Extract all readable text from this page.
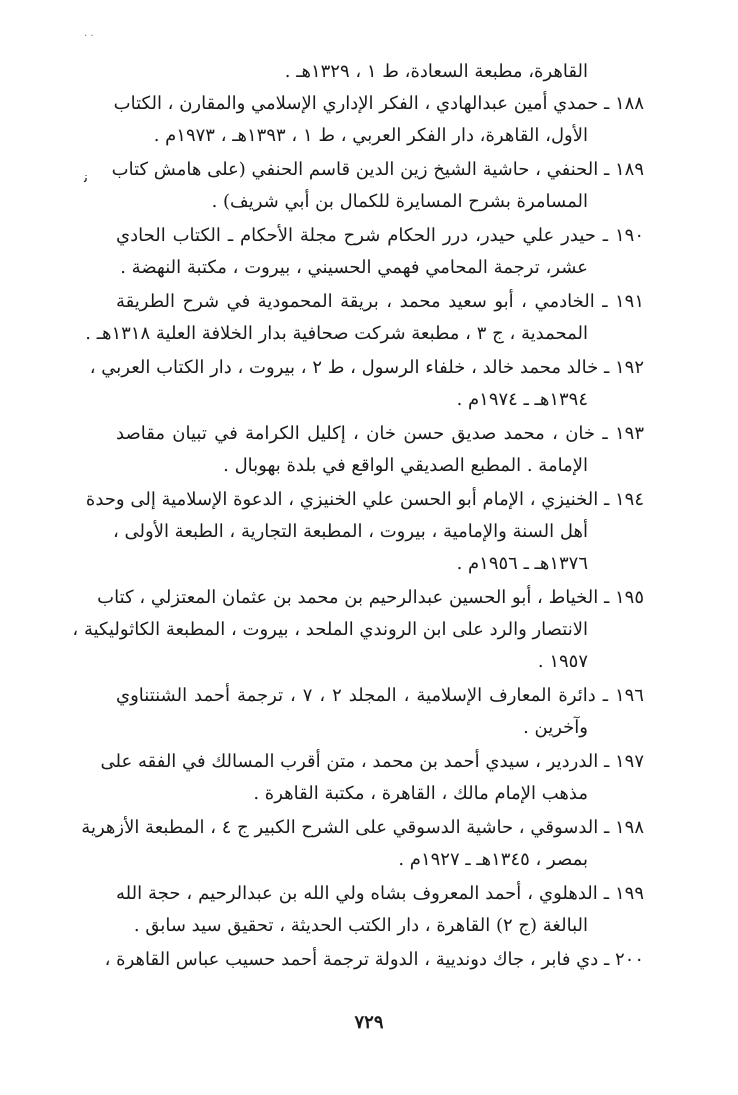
. .
ﻧ
القاهرة، مطبعة السعادة، ط ١ ، ١٣٢٩هـ .
١٨٨ ـ حمدي أمين عبدالهادي ، الفكر الإداري الإسلامي والمقارن ، الكتاب
الأول، القاهرة، دار الفكر العربي ، ط ١ ، ١٣٩٣هـ ، ١٩٧٣م .
١٨٩ ـ الحنفي ، حاشية الشيخ زين الدين قاسم الحنفي (على هامش كتاب
المسامرة بشرح المسايرة للكمال بن أبي شريف) .
١٩٠ ـ حيدر علي حيدر، درر الحكام شرح مجلة الأحكام ـ الكتاب الحادي
عشر، ترجمة المحامي فهمي الحسيني ، بيروت ، مكتبة النهضة .
١٩١ ـ الخادمي ، أبو سعيد محمد ، بريقة المحمودية في شرح الطريقة
المحمدية ، ج ٣ ، مطبعة شركت صحافية بدار الخلافة العلية ١٣١٨هـ .
١٩٢ ـ خالد محمد خالد ، خلفاء الرسول ، ط ٢ ، بيروت ، دار الكتاب العربي ،
١٣٩٤هـ ـ ١٩٧٤م .
١٩٣ ـ خان ، محمد صديق حسن خان ، إكليل الكرامة في تبيان مقاصد
الإمامة . المطبع الصديقي الواقع في بلدة بهوبال .
١٩٤ ـ الخنيزي ، الإمام أبو الحسن علي الخنيزي ، الدعوة الإسلامية إلى وحدة
أهل السنة والإمامية ، بيروت ، المطبعة التجارية ، الطبعة الأولى ،
١٣٧٦هـ ـ ١٩٥٦م .
١٩٥ ـ الخياط ، أبو الحسين عبدالرحيم بن محمد بن عثمان المعتزلي ، كتاب
الانتصار والرد على ابن الروندي الملحد ، بيروت ، المطبعة الكاثوليكية ،
١٩٥٧ .
١٩٦ ـ دائرة المعارف الإسلامية ، المجلد ٢ ، ٧ ، ترجمة أحمد الشنتناوي
وآخرين .
١٩٧ ـ الدردير ، سيدي أحمد بن محمد ، متن أقرب المسالك في الفقه على
مذهب الإمام مالك ، القاهرة ، مكتبة القاهرة .
١٩٨ ـ الدسوقي ، حاشية الدسوقي على الشرح الكبير ج ٤ ، المطبعة الأزهرية
بمصر ، ١٣٤٥هـ ـ ١٩٢٧م .
١٩٩ ـ الدهلوي ، أحمد المعروف بشاه ولي الله بن عبدالرحيم ، حجة الله
البالغة (ج ٢) القاهرة ، دار الكتب الحديثة ، تحقيق سيد سابق .
٢٠٠ ـ دي فابر ، جاك دونديية ، الدولة ترجمة أحمد حسيب عباس القاهرة ،
٧٢٩
